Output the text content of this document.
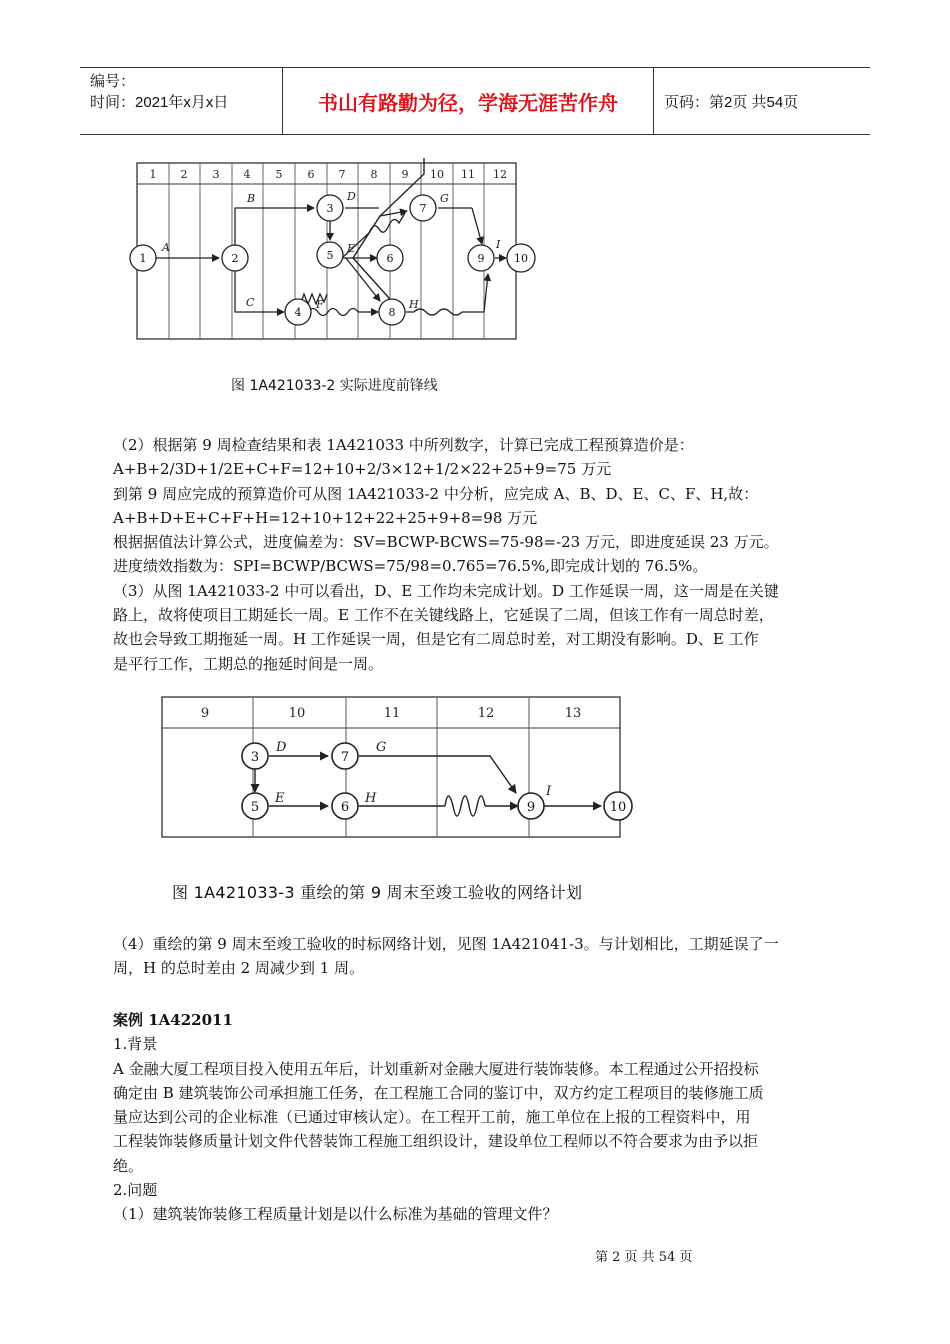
编号：
时间：2021年x月x日	书山有路勤为径，学海无涯苦作舟	页码：第2页 共54页
1 2 3 4 5 6 7 8 9 10 11 12
A
B
C
D
E
F
G
H
I
1	2
3
4
5	6
7
8
9	10
图 1A421033-2 实际进度前锋线

（2）根据第 9 周检查结果和表 1A421033 中所列数字，计算已完成工程预算造价是：

A+B+2/3D+1/2E+C+F=12+10+2/3×12+1/2×22+25+9=75 万元

到第 9 周应完成的预算造价可从图 1A421033-2 中分析，应完成 A、B、D、E、C、F、H,故：

A+B+D+E+C+F+H=12+10+12+22+25+9+8=98 万元

根据据值法计算公式，进度偏差为：SV=BCWP-BCWS=75-98=-23 万元，即进度延误 23 万元。

进度绩效指数为：SPI=BCWP/BCWS=75/98=0.765=76.5%,即完成计划的 76.5%。

（3）从图 1A421033-2 中可以看出，D、E 工作均未完成计划。D 工作延误一周，这一周是在关键

路上，故将使项目工期延长一周。E 工作不在关键线路上，它延误了二周，但该工作有一周总时差，

故也会导致工期拖延一周。H 工作延误一周，但是它有二周总时差，对工期没有影响。D、E 工作

是平行工作，工期总的拖延时间是一周。

9	10	11	12	13
D
E
G
H	I
3
5	6
7
9	10
图 1A421033-3 重绘的第 9 周末至竣工验收的网络计划

（4）重绘的第 9 周末至竣工验收的时标网络计划，见图 1A421041-3。与计划相比，工期延误了一

周，H 的总时差由 2 周减少到 1 周。

案例 1A422011

1.背景

A 金融大厦工程项目投入使用五年后，计划重新对金融大厦进行装饰装修。本工程通过公开招投标

确定由 B 建筑装饰公司承担施工任务，在工程施工合同的鉴订中，双方约定工程项目的装修施工质

量应达到公司的企业标准（已通过审核认定）。在工程开工前，施工单位在上报的工程资料中，用

工程装饰装修质量计划文件代替装饰工程施工组织设计，建设单位工程师以不符合要求为由予以拒

绝。

2.问题

（1）建筑装饰装修工程质量计划是以什么标准为基础的管理文件？

第 2 页 共 54 页
